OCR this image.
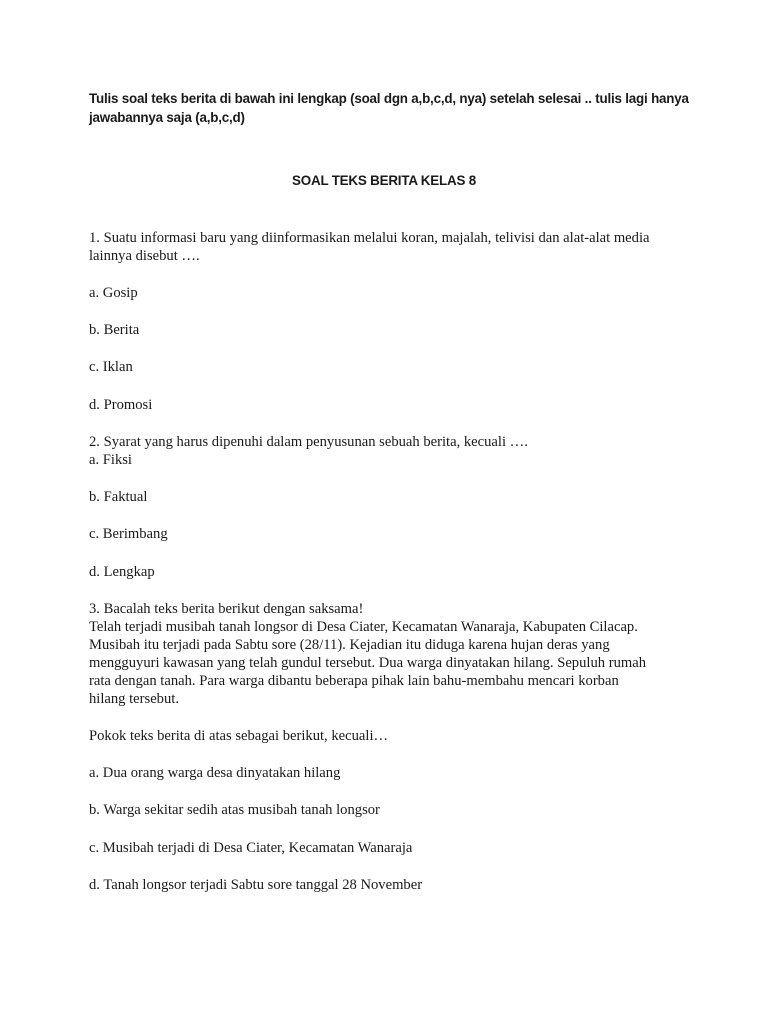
Tulis soal teks berita di bawah ini lengkap (soal dgn a,b,c,d, nya) setelah selesai .. tulis lagi hanya
jawabannya saja (a,b,c,d)
SOAL TEKS BERITA KELAS 8
1. Suatu informasi baru yang diinformasikan melalui koran, majalah, telivisi dan alat-alat media
lainnya disebut ….
a. Gosip
b. Berita
c. Iklan
d. Promosi
2. Syarat yang harus dipenuhi dalam penyusunan sebuah berita, kecuali ….
a. Fiksi
b. Faktual
c. Berimbang
d. Lengkap
3. Bacalah teks berita berikut dengan saksama!
Telah terjadi musibah tanah longsor di Desa Ciater, Kecamatan Wanaraja, Kabupaten Cilacap.
Musibah itu terjadi pada Sabtu sore (28/11). Kejadian itu diduga karena hujan deras yang
mengguyuri kawasan yang telah gundul tersebut. Dua warga dinyatakan hilang. Sepuluh rumah
rata dengan tanah. Para warga dibantu beberapa pihak lain bahu-membahu mencari korban
hilang tersebut.
Pokok teks berita di atas sebagai berikut, kecuali…
a. Dua orang warga desa dinyatakan hilang
b. Warga sekitar sedih atas musibah tanah longsor
c. Musibah terjadi di Desa Ciater, Kecamatan Wanaraja
d. Tanah longsor terjadi Sabtu sore tanggal 28 November
